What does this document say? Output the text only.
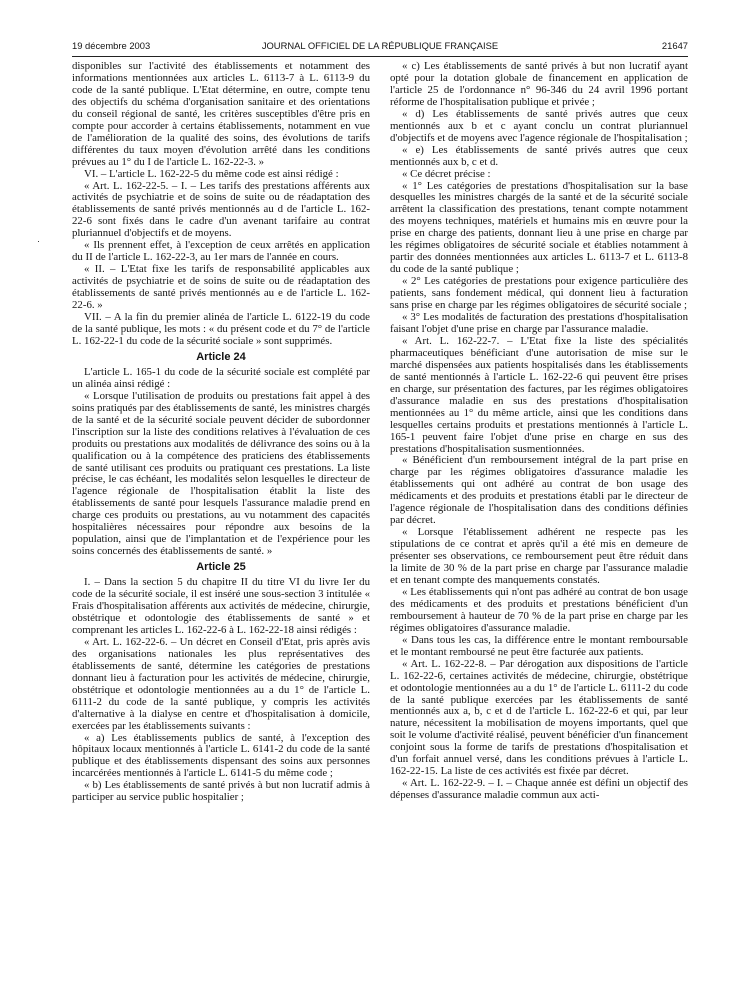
19 décembre 2003	JOURNAL OFFICIEL DE LA RÉPUBLIQUE FRANÇAISE	21647
·

disponibles sur l'activité des établissements et notamment des informations mentionnées aux articles L. 6113-7 à L. 6113-9 du code de la santé publique. L'Etat détermine, en outre, compte tenu des objectifs du schéma d'organisation sanitaire et des orientations du conseil régional de santé, les critères susceptibles d'être pris en compte pour accorder à certains établissements, notamment en vue de l'amélioration de la qualité des soins, des évolutions de tarifs différentes du taux moyen d'évolution arrêté dans les conditions prévues au 1° du I de l'article L. 162-22-3. »

VI. – L'article L. 162-22-5 du même code est ainsi rédigé :

« Art. L. 162-22-5. – I. – Les tarifs des prestations afférents aux activités de psychiatrie et de soins de suite ou de réadaptation des établissements de santé privés mentionnés au d de l'article L. 162-22-6 sont fixés dans le cadre d'un avenant tarifaire au contrat pluriannuel d'objectifs et de moyens.

« Ils prennent effet, à l'exception de ceux arrêtés en application du II de l'article L. 162-22-3, au 1er mars de l'année en cours.

« II. – L'Etat fixe les tarifs de responsabilité applicables aux activités de psychiatrie et de soins de suite ou de réadaptation des établissements de santé privés mentionnés au e de l'article L. 162-22-6. »

VII. – A la fin du premier alinéa de l'article L. 6122-19 du code de la santé publique, les mots : « du présent code et du 7° de l'article L. 162-22-1 du code de la sécurité sociale » sont supprimés.

Article 24

L'article L. 165-1 du code de la sécurité sociale est complété par un alinéa ainsi rédigé :

« Lorsque l'utilisation de produits ou prestations fait appel à des soins pratiqués par des établissements de santé, les ministres chargés de la santé et de la sécurité sociale peuvent décider de subordonner l'inscription sur la liste des conditions relatives à l'évaluation de ces produits ou prestations aux modalités de délivrance des soins ou à la qualification ou à la compétence des praticiens des établissements de santé utilisant ces produits ou pratiquant ces prestations. La liste précise, le cas échéant, les modalités selon lesquelles le directeur de l'agence régionale de l'hospitalisation établit la liste des établissements de santé pour lesquels l'assurance maladie prend en charge ces produits ou prestations, au vu notamment des capacités hospitalières nécessaires pour répondre aux besoins de la population, ainsi que de l'implantation et de l'expérience pour les soins concernés des établissements de santé. »

Article 25

I. – Dans la section 5 du chapitre II du titre VI du livre Ier du code de la sécurité sociale, il est inséré une sous-section 3 intitulée « Frais d'hospitalisation afférents aux activités de médecine, chirurgie, obstétrique et odontologie des établissements de santé » et comprenant les articles L. 162-22-6 à L. 162-22-18 ainsi rédigés :

« Art. L. 162-22-6. – Un décret en Conseil d'Etat, pris après avis des organisations nationales les plus représentatives des établissements de santé, détermine les catégories de prestations donnant lieu à facturation pour les activités de médecine, chirurgie, obstétrique et odontologie mentionnées au a du 1° de l'article L. 6111-2 du code de la santé publique, y compris les activités d'alternative à la dialyse en centre et d'hospitalisation à domicile, exercées par les établissements suivants :

« a) Les établissements publics de santé, à l'exception des hôpitaux locaux mentionnés à l'article L. 6141-2 du code de la santé publique et des établissements dispensant des soins aux personnes incarcérées mentionnés à l'article L. 6141-5 du même code ;

« b) Les établissements de santé privés à but non lucratif admis à participer au service public hospitalier ;

« c) Les établissements de santé privés à but non lucratif ayant opté pour la dotation globale de financement en application de l'article 25 de l'ordonnance n° 96-346 du 24 avril 1996 portant réforme de l'hospitalisation publique et privée ;

« d) Les établissements de santé privés autres que ceux mentionnés aux b et c ayant conclu un contrat pluriannuel d'objectifs et de moyens avec l'agence régionale de l'hospitalisation ;

« e) Les établissements de santé privés autres que ceux mentionnés aux b, c et d.

« Ce décret précise :

« 1° Les catégories de prestations d'hospitalisation sur la base desquelles les ministres chargés de la santé et de la sécurité sociale arrêtent la classification des prestations, tenant compte notamment des moyens techniques, matériels et humains mis en œuvre pour la prise en charge des patients, donnant lieu à une prise en charge par les régimes obligatoires de sécurité sociale et établies notamment à partir des données mentionnées aux articles L. 6113-7 et L. 6113-8 du code de la santé publique ;

« 2° Les catégories de prestations pour exigence particulière des patients, sans fondement médical, qui donnent lieu à facturation sans prise en charge par les régimes obligatoires de sécurité sociale ;

« 3° Les modalités de facturation des prestations d'hospitalisation faisant l'objet d'une prise en charge par l'assurance maladie.

« Art. L. 162-22-7. – L'Etat fixe la liste des spécialités pharmaceutiques bénéficiant d'une autorisation de mise sur le marché dispensées aux patients hospitalisés dans les établissements de santé mentionnés à l'article L. 162-22-6 qui peuvent être prises en charge, sur présentation des factures, par les régimes obligatoires d'assurance maladie en sus des prestations d'hospitalisation mentionnées au 1° du même article, ainsi que les conditions dans lesquelles certains produits et prestations mentionnés à l'article L. 165-1 peuvent faire l'objet d'une prise en charge en sus des prestations d'hospitalisation susmentionnées.

« Bénéficient d'un remboursement intégral de la part prise en charge par les régimes obligatoires d'assurance maladie les établissements qui ont adhéré au contrat de bon usage des médicaments et des produits et prestations établi par le directeur de l'agence régionale de l'hospitalisation dans des conditions définies par décret.

« Lorsque l'établissement adhérent ne respecte pas les stipulations de ce contrat et après qu'il a été mis en demeure de présenter ses observations, ce remboursement peut être réduit dans la limite de 30 % de la part prise en charge par l'assurance maladie et en tenant compte des manquements constatés.

« Les établissements qui n'ont pas adhéré au contrat de bon usage des médicaments et des produits et prestations bénéficient d'un remboursement à hauteur de 70 % de la part prise en charge par les régimes obligatoires d'assurance maladie.

« Dans tous les cas, la différence entre le montant remboursable et le montant remboursé ne peut être facturée aux patients.

« Art. L. 162-22-8. – Par dérogation aux dispositions de l'article L. 162-22-6, certaines activités de médecine, chirurgie, obstétrique et odontologie mentionnées au a du 1° de l'article L. 6111-2 du code de la santé publique exercées par les établissements de santé mentionnés aux a, b, c et d de l'article L. 162-22-6 et qui, par leur nature, nécessitent la mobilisation de moyens importants, quel que soit le volume d'activité réalisé, peuvent bénéficier d'un financement conjoint sous la forme de tarifs de prestations d'hospitalisation et d'un forfait annuel versé, dans les conditions prévues à l'article L. 162-22-15. La liste de ces activités est fixée par décret.

« Art. L. 162-22-9. – I. – Chaque année est défini un objectif des dépenses d'assurance maladie commun aux acti-
